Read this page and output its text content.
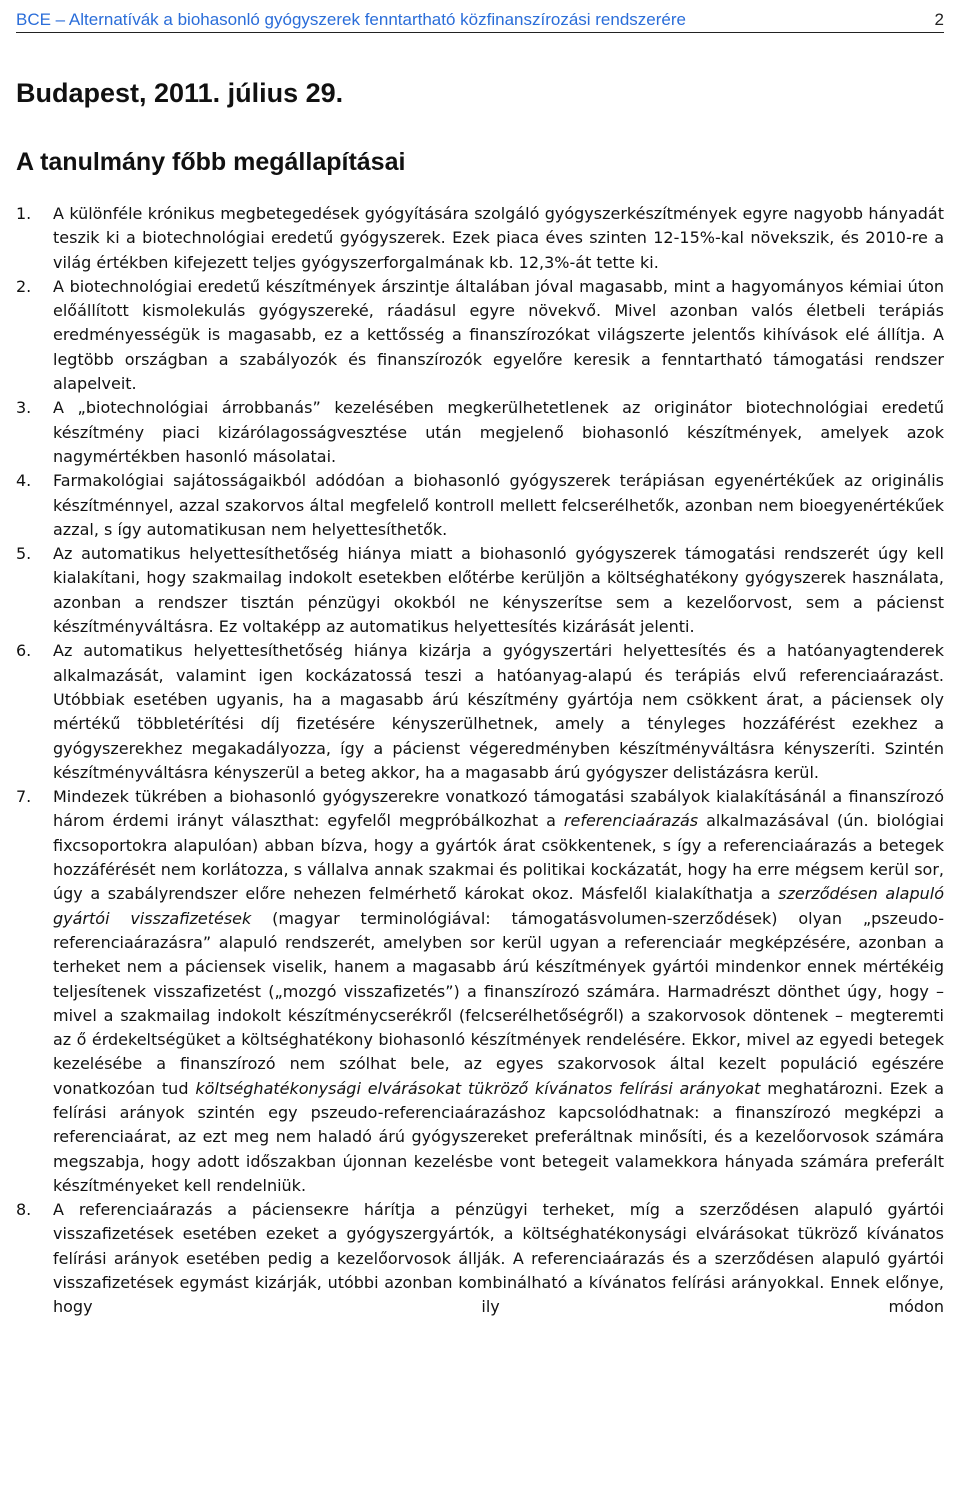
BCE – Alternatívák a biohasonló gyógyszerek fenntartható közfinanszírozási rendszerére	2
Budapest, 2011. július 29.
A tanulmány főbb megállapításai
1. A különféle krónikus megbetegedések gyógyítására szolgáló gyógyszerkészítmények egyre nagyobb hányadát teszik ki a biotechnológiai eredetű gyógyszerek. Ezek piaca éves szinten 12-15%-kal növekszik, és 2010-re a világ értékben kifejezett teljes gyógyszerforgalmának kb. 12,3%-át tette ki.
2. A biotechnológiai eredetű készítmények árszintje általában jóval magasabb, mint a hagyományos kémiai úton előállított kismolekulás gyógyszereké, ráadásul egyre növekvő. Mivel azonban valós életbeli terápiás eredményességük is magasabb, ez a kettősség a finanszírozókat világszerte jelentős kihívások elé állítja. A legtöbb országban a szabályozók és finanszírozók egyelőre keresik a fenntartható támogatási rendszer alapelveit.
3. A „biotechnológiai árrobbanás” kezelésében megkerülhetetlenek az originátor biotechnológiai eredetű készítmény piaci kizárólagosságvesztése után megjelenő biohasonló készítmények, amelyek azok nagymértékben hasonló másolatai.
4. Farmakológiai sajátosságaikból adódóan a biohasonló gyógyszerek terápiásan egyenértékűek az originális készítménnyel, azzal szakorvos által megfelelő kontroll mellett felcserélhetők, azonban nem bioegyenértékűek azzal, s így automatikusan nem helyettesíthetők.
5. Az automatikus helyettesíthetőség hiánya miatt a biohasonló gyógyszerek támogatási rendszerét úgy kell kialakítani, hogy szakmailag indokolt esetekben előtérbe kerüljön a költséghatékony gyógyszerek használata, azonban a rendszer tisztán pénzügyi okokból ne kényszerítse sem a kezelőorvost, sem a pácienst készítményváltásra. Ez voltaképp az automatikus helyettesítés kizárását jelenti.
6. Az automatikus helyettesíthetőség hiánya kizárja a gyógyszertári helyettesítés és a hatóanyagtenderek alkalmazását, valamint igen kockázatossá teszi a hatóanyag-alapú és terápiás elvű referenciaárazást. Utóbbiak esetében ugyanis, ha a magasabb árú készítmény gyártója nem csökkent árat, a páciensek oly mértékű többletérítési díj fizetésére kényszerülhetnek, amely a tényleges hozzáférést ezekhez a gyógyszerekhez megakadályozza, így a pácienst végeredményben készítményváltásra kényszeríti. Szintén készítményváltásra kényszerül a beteg akkor, ha a magasabb árú gyógyszer delistázásra kerül.
7. Mindezek tükrében a biohasonló gyógyszerekre vonatkozó támogatási szabályok kialakításánál a finanszírozó három érdemi irányt választhat: egyfelől megpróbálkozhat a referenciaárazás alkalmazásával (ún. biológiai fixcsoportokra alapulóan) abban bízva, hogy a gyártók árat csökkentenek, s így a referenciaárazás a betegek hozzáférését nem korlátozza, s vállalva annak szakmai és politikai kockázatát, hogy ha erre mégsem kerül sor, úgy a szabályrendszer előre nehezen felmérhető károkat okoz. Másfelől kialakíthatja a szerződésen alapuló gyártói visszafizetések (magyar terminológiával: támogatásvolumen-szerződések) olyan „pszeudo-referenciaárazásra” alapuló rendszerét, amelyben sor kerül ugyan a referenciaár megképzésére, azonban a terheket nem a páciensek viselik, hanem a magasabb árú készítmények gyártói mindenkor ennek mértékéig teljesítenek visszafizetést („mozgó visszafizetés”) a finanszírozó számára. Harmadrészt dönthet úgy, hogy – mivel a szakmailag indokolt készítménycserékről (felcserélhetőségről) a szakorvosok döntenek – megteremti az ő érdekeltségüket a költséghatékony biohasonló készítmények rendelésére. Ekkor, mivel az egyedi betegek kezelésébe a finanszírozó nem szólhat bele, az egyes szakorvosok által kezelt populáció egészére vonatkozóan tud költséghatékonysági elvárásokat tükröző kívánatos felírási arányokat meghatározni. Ezek a felírási arányok szintén egy pszeudo-referenciaárazáshoz kapcsolódhatnak: a finanszírozó megképzi a referenciaárat, az ezt meg nem haladó árú gyógyszereket preferáltnak minősíti, és a kezelőorvosok számára megszabja, hogy adott időszakban újonnan kezelésbe vont betegeit valamekkora hányada számára preferált készítményeket kell rendelniük.
8. A referenciaárazás a pácienseкre hárítja a pénzügyi terheket, míg a szerződésen alapuló gyártói visszafizetések esetében ezeket a gyógyszergyártók, a költséghatékonysági elvárásokat tükröző kívánatos felírási arányok esetében pedig a kezelőorvosok állják. A referenciaárazás és a szerződésen alapuló gyártói visszafizetések egymást kizárják, utóbbi azonban kombinálható a kívánatos felírási arányokkal. Ennek előnye, hogy ily módon
